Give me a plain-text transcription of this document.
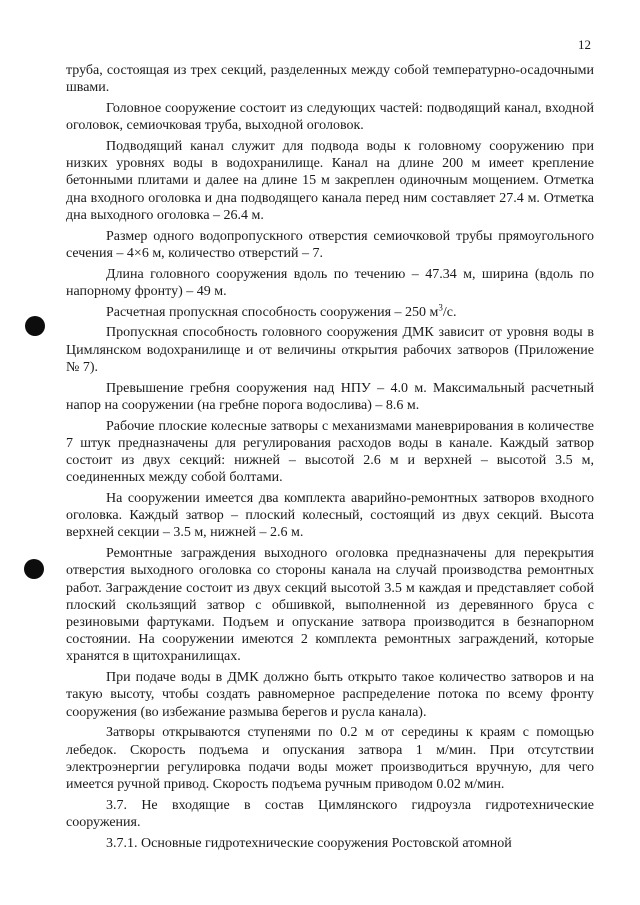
12

труба, состоящая из трех секций, разделенных между собой температурно-осадочными швами.

Головное сооружение состоит из следующих частей: подводящий канал, входной оголовок, семиочковая труба, выходной оголовок.

Подводящий канал служит для подвода воды к головному сооружению при низких уровнях воды в водохранилище. Канал на длине 200 м имеет крепление бетонными плитами и далее на длине 15 м закреплен одиночным мощением. Отметка дна входного оголовка и дна подводящего канала перед ним составляет 27.4 м. Отметка дна выходного оголовка – 26.4 м.

Размер одного водопропускного отверстия семиочковой трубы прямоугольного сечения – 4×6 м, количество отверстий – 7.

Длина головного сооружения вдоль по течению – 47.34 м, ширина (вдоль по напорному фронту) – 49 м.

Расчетная пропускная способность сооружения – 250 $м^3/с$.

Пропускная способность головного сооружения ДМК зависит от уровня воды в Цимлянском водохранилище и от величины открытия рабочих затворов (Приложение № 7).

Превышение гребня сооружения над НПУ – 4.0 м. Максимальный расчетный напор на сооружении (на гребне порога водослива) – 8.6 м.

Рабочие плоские колесные затворы с механизмами маневрирования в количестве 7 штук предназначены для регулирования расходов воды в канале. Каждый затвор состоит из двух секций: нижней – высотой 2.6 м и верхней – высотой 3.5 м, соединенных между собой болтами.

На сооружении имеется два комплекта аварийно-ремонтных затворов входного оголовка. Каждый затвор – плоский колесный, состоящий из двух секций. Высота верхней секции – 3.5 м, нижней – 2.6 м.

Ремонтные заграждения выходного оголовка предназначены для перекрытия отверстия выходного оголовка со стороны канала на случай производства ремонтных работ. Заграждение состоит из двух секций высотой 3.5 м каждая и представляет собой плоский скользящий затвор с обшивкой, выполненной из деревянного бруса с резиновыми фартуками. Подъем и опускание затвора производится в безнапорном состоянии. На сооружении имеются 2 комплекта ремонтных заграждений, которые хранятся в щитохранилищах.

При подаче воды в ДМК должно быть открыто такое количество затворов и на такую высоту, чтобы создать равномерное распределение потока по всему фронту сооружения (во избежание размыва берегов и русла канала).

Затворы открываются ступенями по 0.2 м от середины к краям с помощью лебедок. Скорость подъема и опускания затвора 1 м/мин. При отсутствии электроэнергии регулировка подачи воды может производиться вручную, для чего имеется ручной привод. Скорость подъема ручным приводом 0.02 м/мин.

3.7. Не входящие в состав Цимлянского гидроузла гидротехнические сооружения.

3.7.1. Основные гидротехнические сооружения Ростовской атомной
